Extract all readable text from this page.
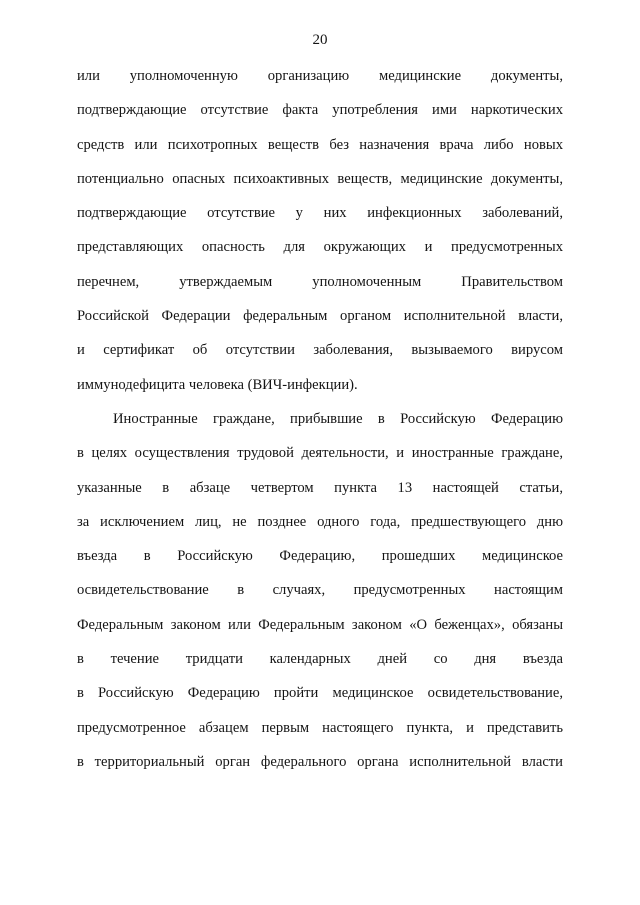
20
или уполномоченную организацию медицинские документы,
подтверждающие отсутствие факта употребления ими наркотических
средств или психотропных веществ без назначения врача либо новых
потенциально опасных психоактивных веществ, медицинские документы,
подтверждающие отсутствие у них инфекционных заболеваний,
представляющих опасность для окружающих и предусмотренных
перечнем, утверждаемым уполномоченным Правительством
Российской Федерации федеральным органом исполнительной власти,
и сертификат об отсутствии заболевания, вызываемого вирусом
иммунодефицита человека (ВИЧ-инфекции).
Иностранные граждане, прибывшие в Российскую Федерацию
в целях осуществления трудовой деятельности, и иностранные граждане,
указанные в абзаце четвертом пункта 13 настоящей статьи,
за исключением лиц, не позднее одного года, предшествующего дню
въезда в Российскую Федерацию, прошедших медицинское
освидетельствование в случаях, предусмотренных настоящим
Федеральным законом или Федеральным законом «О беженцах», обязаны
в течение тридцати календарных дней со дня въезда
в Российскую Федерацию пройти медицинское освидетельствование,
предусмотренное абзацем первым настоящего пункта, и представить
в территориальный орган федерального органа исполнительной власти
